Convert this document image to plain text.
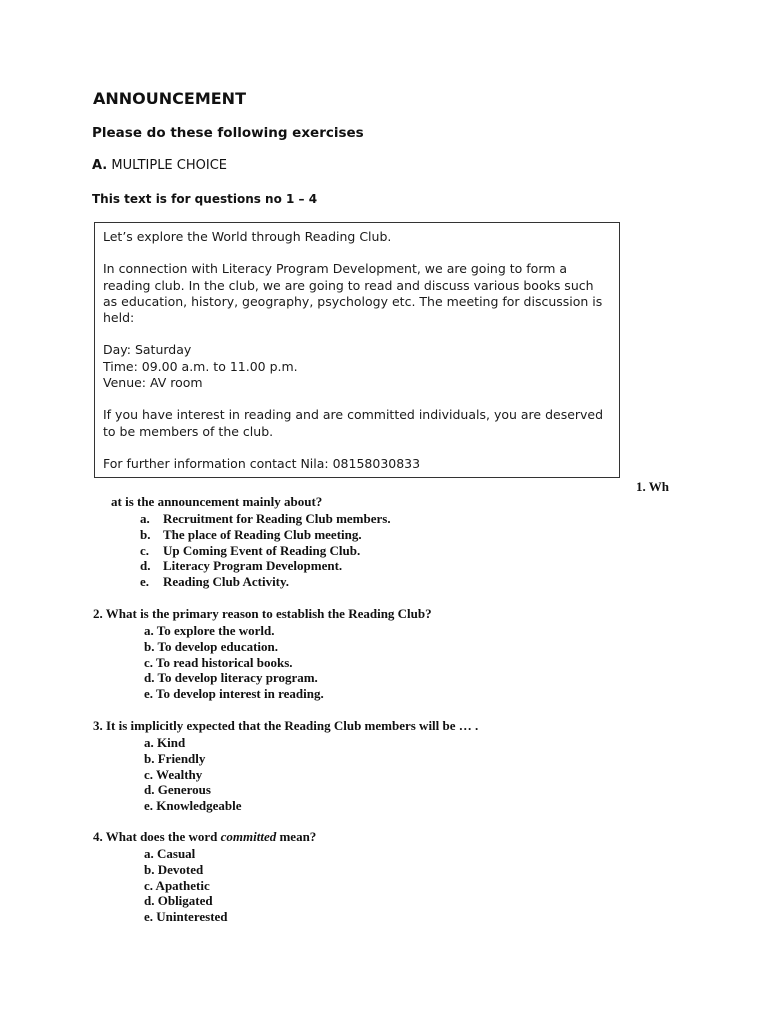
ANNOUNCEMENT
Please do these following exercises
A. MULTIPLE CHOICE
This text is for questions no 1 – 4

Let’s explore the World through Reading Club.

In connection with Literacy Program Development, we are going to form a reading club. In the club, we are going to read and discuss various books such as education, history, geography, psychology etc. The meeting for discussion is held:

Day: Saturday

Time: 09.00 a.m. to 11.00 p.m.

Venue: AV room

If you have interest in reading and are committed individuals, you are deserved to be members of the club.

For further information contact Nila: 08158030833

1. Wh
at is the announcement mainly about?
a.	Recruitment for Reading Club members.
b. The place of Reading Club meeting.
c.	Up Coming Event of Reading Club.
d. Literacy Program Development.
e.	Reading Club Activity.
2. What is the primary reason to establish the Reading Club?
a. To explore the world.
b. To develop education.
c. To read historical books.
d. To develop literacy program.
e. To develop interest in reading.
3. It is implicitly expected that the Reading Club members will be … .
a. Kind
b. Friendly
c. Wealthy
d. Generous
e. Knowledgeable
4. What does the word committed mean?
a. Casual
b. Devoted
c. Apathetic
d. Obligated
e. Uninterested
